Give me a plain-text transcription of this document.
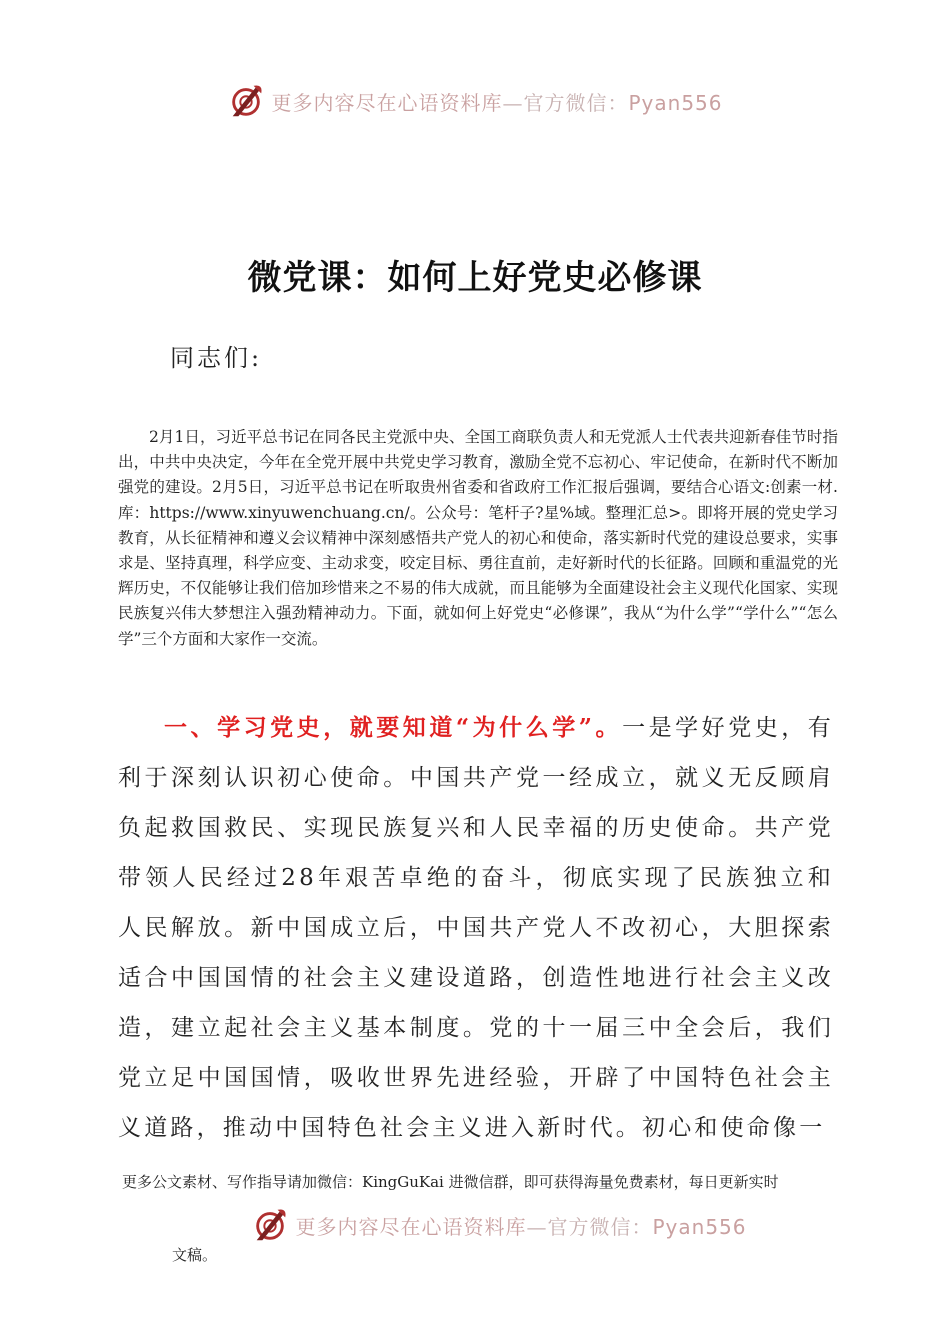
更多内容尽在心语资料库—官方微信：Pyan556
微党课：如何上好党史必修课
同志们:

2月1日，习近平总书记在同各民主党派中央、全国工商联负责人和无党派人士代表共迎新春佳节时指出，中共中央决定，今年在全党开展中共党史学习教育，激励全党不忘初心、牢记使命，在新时代不断加强党的建设。2月5日，习近平总书记在听取贵州省委和省政府工作汇报后强调，要结合心语文:创素一材.库：https://www.xinyuwenchuang.cn/。公众号：笔杆子?星%域。整理汇总>。即将开展的党史学习教育，从长征精神和遵义会议精神中深刻感悟共产党人的初心和使命，落实新时代党的建设总要求，实事求是、坚持真理，科学应变、主动求变，咬定目标、勇往直前，走好新时代的长征路。回顾和重温党的光辉历史，不仅能够让我们倍加珍惜来之不易的伟大成就，而且能够为全面建设社会主义现代化国家、实现民族复兴伟大梦想注入强劲精神动力。下面，就如何上好党史“必修课”，我从“为什么学”“学什么”“怎么学”三个方面和大家作一交流。

一、学习党史，就要知道“为什么学”。一是学好党史，有利于深刻认识初心使命。中国共产党一经成立，就义无反顾肩负起救国救民、实现民族复兴和人民幸福的历史使命。共产党带领人民经过28年艰苦卓绝的奋斗，彻底实现了民族独立和人民解放。新中国成立后，中国共产党人不改初心，大胆探索适合中国国情的社会主义建设道路，创造性地进行社会主义改造，建立起社会主义基本制度。党的十一届三中全会后，我们党立足中国国情，吸收世界先进经验，开辟了中国特色社会主义道路，推动中国特色社会主义进入新时代。初心和使命像一

更多公文素材、写作指导请加微信：KingGuKai 进微信群，即可获得海量免费素材，每日更新实时

更多内容尽在心语资料库—官方微信：Pyan556
文稿。
